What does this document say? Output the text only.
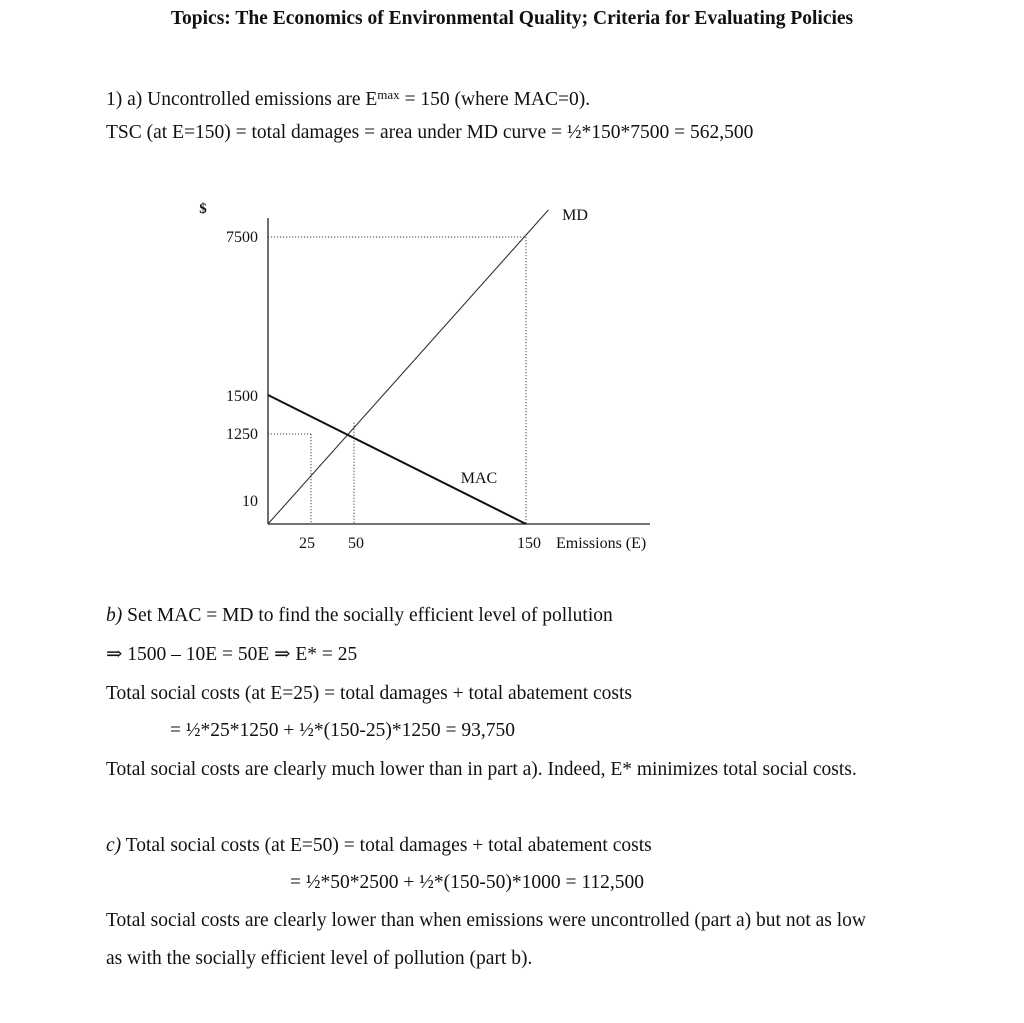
Topics: The Economics of Environmental Quality; Criteria for Evaluating Policies
1) a) Uncontrolled emissions are $E^{max} = 150$ (where MAC=0).
TSC (at E=150) = total damages = area under MD curve = ½*150*7500 = 562,500
$
7500
1500
1250
10
25 50	150 Emissions (E)
MD
MAC
b) Set MAC = MD to find the socially efficient level of pollution
⇒ 1500 – 10E = 50E ⇒ E* = 25
Total social costs (at E=25) = total damages + total abatement costs
= ½*25*1250 + ½*(150-25)*1250 = 93,750
Total social costs are clearly much lower than in part a). Indeed, E* minimizes total social costs.
c) Total social costs (at E=50) = total damages + total abatement costs
= ½*50*2500 + ½*(150-50)*1000 = 112,500
Total social costs are clearly lower than when emissions were uncontrolled (part a) but not as low
as with the socially efficient level of pollution (part b).
